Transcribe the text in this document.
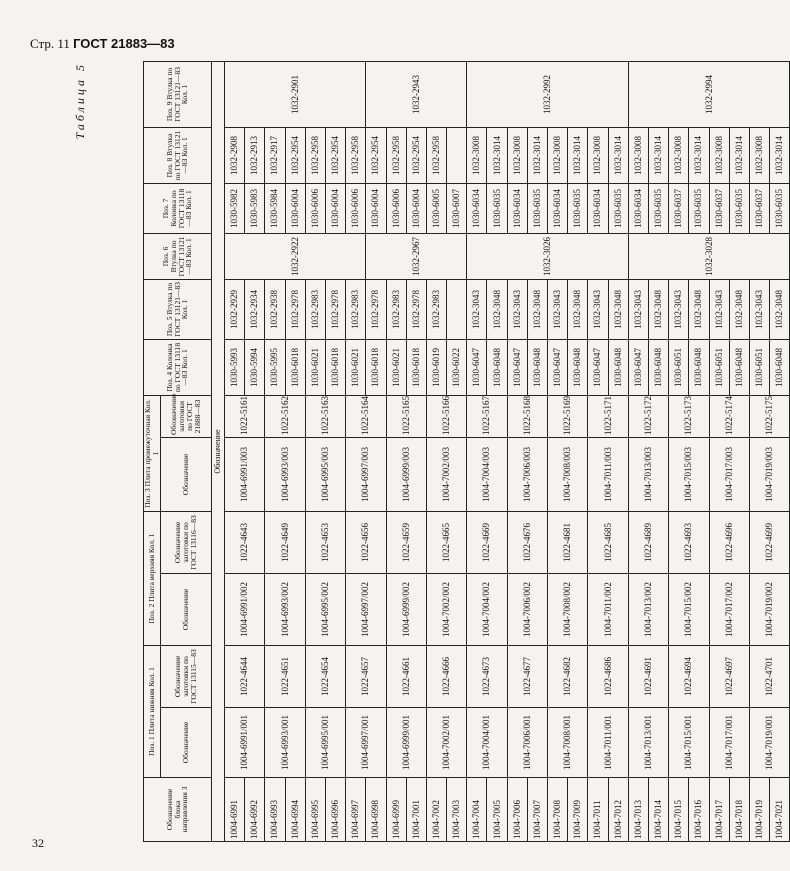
Стр. 11 ГОСТ 21883—83
32
Таблица 5
Обозначение блока направления 3	Поз. 1 Плита нижняя Кол. 1		Поз. 2 Плита верхняя Кол. 1		Поз. 3 Плита промежуточная Кол. 1		Поз. 4 Колонка по ГОСТ 13118—83 Кол. 1	Поз. 5 Втулка по ГОСТ 13121—83 Кол. 1	Поз. 6 Втулка по ГОСТ 13121—83 Кол. 1	Поз. 7 Колонка по ГОСТ 13118—83 Кол. 1	Поз. 8 Втулка по ГОСТ 13121—83 Кол. 1	Поз. 9 Втулка по ГОСТ 13121—83 Кол. 1
	Обозначение	Обозначение заготовки по ГОСТ 13115—83	Обозначение	Обозначение заготовки по ГОСТ 13116—83	Обозначение	Обозначение заготовки по ГОСТ 21888—83						
Обозначение												
1004-6991	1004-6991/001	1022-4644	1004-6991/002	1022-4643	1004-6991/003	1022-5161	1030-5993	1032-2929	1032-2922	1030-5982	1032-2908	1032-2901
1004-6992							1030-5994	1032-2934		1030-5983	1032-2913	
1004-6993	1004-6993/001	1022-4651	1004-6993/002	1022-4649	1004-6993/003	1022-5162	1030-5995	1032-2938		1030-5984	1032-2917	
1004-6994							1030-6018	1032-2978		1030-6004	1032-2954	
1004-6995	1004-6995/001	1022-4654	1004-6995/002	1022-4653	1004-6995/003	1022-5163	1030-6021	1032-2983		1030-6006	1032-2958	
1004-6996							1030-6018	1032-2978		1030-6004	1032-2954	
1004-6997	1004-6997/001	1022-4657	1004-6997/002	1022-4656	1004-6997/003	1022-5164	1030-6021	1032-2983		1030-6006	1032-2958	
1004-6998							1030-6018	1032-2978	1032-2967	1030-6004	1032-2954	1032-2943
1004-6999	1004-6999/001	1022-4661	1004-6999/002	1022-4659	1004-6999/003	1022-5165	1030-6021	1032-2983		1030-6006	1032-2958	
1004-7001							1030-6018	1032-2978		1030-6004	1032-2954	
1004-7002	1004-7002/001	1022-4666	1004-7002/002	1022-4665	1004-7002/003	1022-5166	1030-6019	1032-2983		1030-6005	1032-2958	
1004-7003							1030-6022			1030-6007		
1004-7004	1004-7004/001	1022-4673	1004-7004/002	1022-4669	1004-7004/003	1022-5167	1030-6047	1032-3043	1032-3026	1030-6034	1032-3008	1032-2992
1004-7005							1030-6048	1032-3048		1030-6035	1032-3014	
1004-7006	1004-7006/001	1022-4677	1004-7006/002	1022-4676	1004-7006/003	1022-5168	1030-6047	1032-3043		1030-6034	1032-3008	
1004-7007							1030-6048	1032-3048		1030-6035	1032-3014	
1004-7008	1004-7008/001	1022-4682	1004-7008/002	1022-4681	1004-7008/003	1022-5169	1030-6047	1032-3043		1030-6034	1032-3008	
1004-7009							1030-6048	1032-3048		1030-6035	1032-3014	
1004-7011	1004-7011/001	1022-4686	1004-7011/002	1022-4685	1004-7011/003	1022-5171	1030-6047	1032-3043		1030-6034	1032-3008	
1004-7012							1030-6048	1032-3048		1030-6035	1032-3014	
1004-7013	1004-7013/001	1022-4691	1004-7013/002	1022-4689	1004-7013/003	1022-5172	1030-6047	1032-3043	1032-3028	1030-6034	1032-3008	1032-2994
1004-7014							1030-6048	1032-3048		1030-6035	1032-3014	
1004-7015	1004-7015/001	1022-4694	1004-7015/002	1022-4693	1004-7015/003	1022-5173	1030-6051	1032-3043		1030-6037	1032-3008	
1004-7016							1030-6048	1032-3048		1030-6035	1032-3014	
1004-7017	1004-7017/001	1022-4697	1004-7017/002	1022-4696	1004-7017/003	1022-5174	1030-6051	1032-3043		1030-6037	1032-3008	
1004-7018							1030-6048	1032-3048		1030-6035	1032-3014	
1004-7019	1004-7019/001	1022-4701	1004-7019/002	1022-4699	1004-7019/003	1022-5175	1030-6051	1032-3043		1030-6037	1032-3008	
1004-7021							1030-6048	1032-3048		1030-6035	1032-3014	
